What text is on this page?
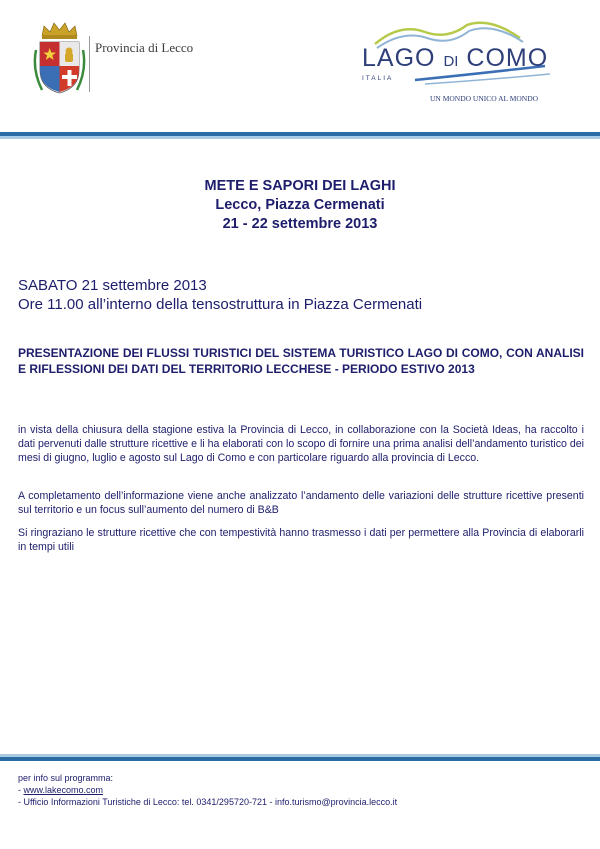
Provincia di Lecco	LAGO DI COMO
ITALIA
UN MONDO UNICO AL MONDO
METE E SAPORI DEI LAGHI
Lecco, Piazza Cermenati
21 - 22 settembre 2013
SABATO 21 settembre 2013
Ore 11.00 all’interno della tensostruttura in Piazza Cermenati
PRESENTAZIONE DEI FLUSSI TURISTICI DEL SISTEMA TURISTICO LAGO DI COMO, CON ANALISI E RIFLESSIONI DEI DATI DEL TERRITORIO LECCHESE - PERIODO ESTIVO 2013
in vista della chiusura della stagione estiva la Provincia di Lecco, in collaborazione con la Società Ideas, ha raccolto i dati pervenuti dalle strutture ricettive e li ha elaborati con lo scopo di fornire una prima analisi dell’andamento turistico dei mesi di giugno, luglio e agosto sul Lago di Como e con particolare riguardo alla provincia di Lecco.
A completamento dell’informazione viene anche analizzato l’andamento delle variazioni delle strutture ricettive presenti sul territorio e un focus sull’aumento del numero di B&B
Si ringraziano le strutture ricettive che con tempestività hanno trasmesso i dati per permettere alla Provincia di elaborarli in tempi utili
per info sul programma:
- www.lakecomo.com
- Ufficio Informazioni Turistiche di Lecco: tel. 0341/295720-721 - info.turismo@provincia.lecco.it
